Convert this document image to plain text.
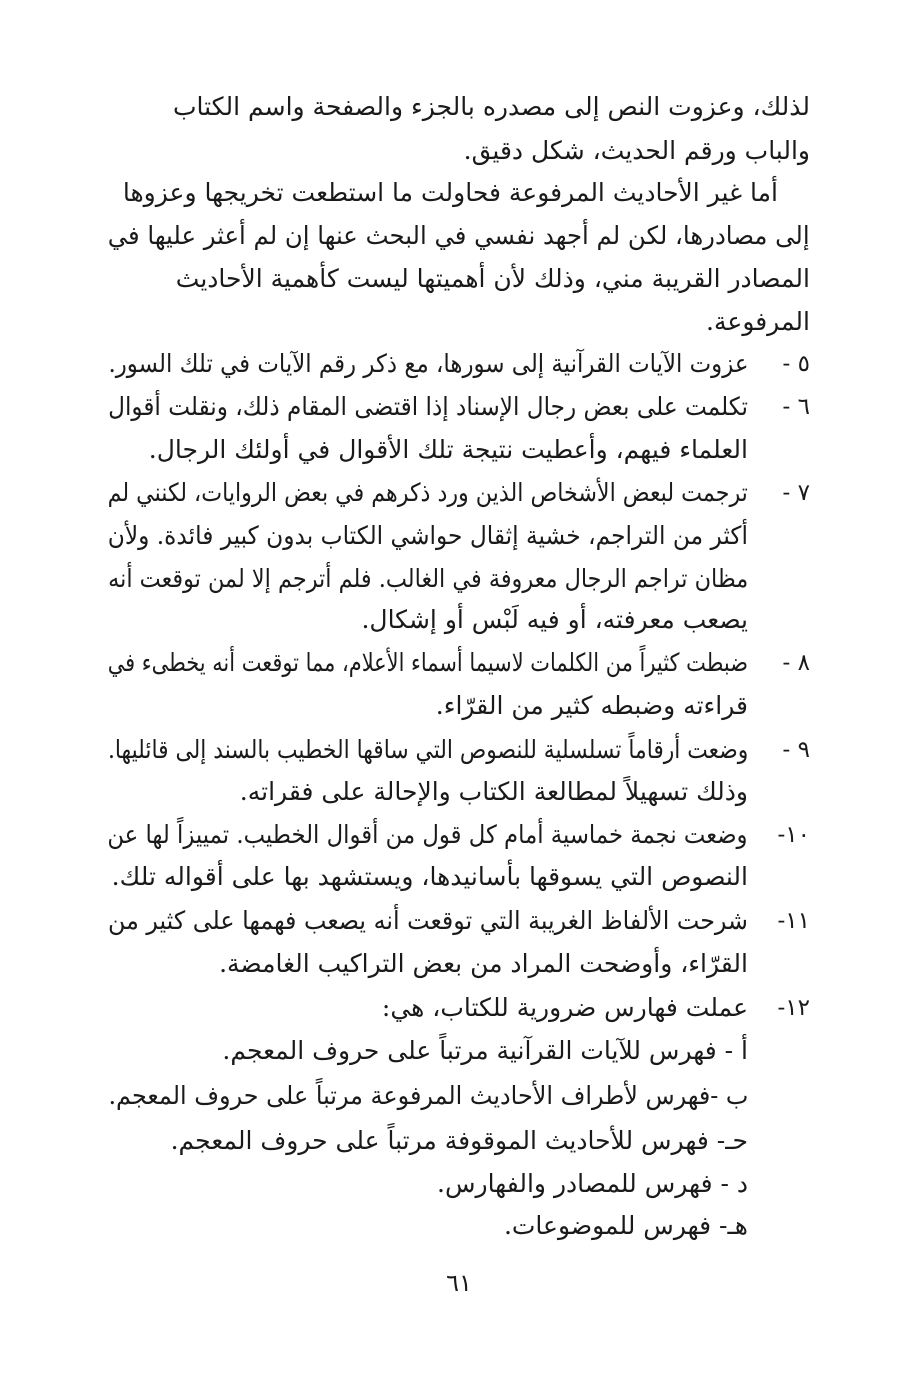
لذلك، وعزوت النص إلى مصدره بالجزء والصفحة واسم الكتاب
والباب ورقم الحديث، شكل دقيق.
أما غير الأحاديث المرفوعة فحاولت ما استطعت تخريجها وعزوها
إلى مصادرها، لكن لم أجهد نفسي في البحث عنها إن لم أعثر عليها في
المصادر القريبة مني، وذلك لأن أهميتها ليست كأهمية الأحاديث
المرفوعة.
٥ -
عزوت الآيات القرآنية إلى سورها، مع ذكر رقم الآيات في تلك السور.
٦ -
تكلمت على بعض رجال الإسناد إذا اقتضى المقام ذلك، ونقلت أقوال
العلماء فيهم، وأعطيت نتيجة تلك الأقوال في أولئك الرجال.
٧ -
ترجمت لبعض الأشخاص الذين ورد ذكرهم في بعض الروايات، لكنني لم
أكثر من التراجم، خشية إثقال حواشي الكتاب بدون كبير فائدة. ولأن
مظان تراجم الرجال معروفة في الغالب. فلم أترجم إلا لمن توقعت أنه
يصعب معرفته، أو فيه لَبْس أو إشكال.
٨ -
ضبطت كثيراً من الكلمات لاسيما أسماء الأعلام، مما توقعت أنه يخطىء في
قراءته وضبطه كثير من القرّاء.
٩ -
وضعت أرقاماً تسلسلية للنصوص التي ساقها الخطيب بالسند إلى قائليها.
وذلك تسهيلاً لمطالعة الكتاب والإحالة على فقراته.
١٠-
وضعت نجمة خماسية أمام كل قول من أقوال الخطيب. تمييزاً لها عن
النصوص التي يسوقها بأسانيدها، ويستشهد بها على أقواله تلك.
١١-
شرحت الألفاظ الغريبة التي توقعت أنه يصعب فهمها على كثير من
القرّاء، وأوضحت المراد من بعض التراكيب الغامضة.
١٢-
عملت فهارس ضرورية للكتاب، هي:
أ - فهرس للآيات القرآنية مرتباً على حروف المعجم.
ب -فهرس لأطراف الأحاديث المرفوعة مرتباً على حروف المعجم.
حـ- فهرس للأحاديث الموقوفة مرتباً على حروف المعجم.
د - فهرس للمصادر والفهارس.
هـ- فهرس للموضوعات.
٦١
